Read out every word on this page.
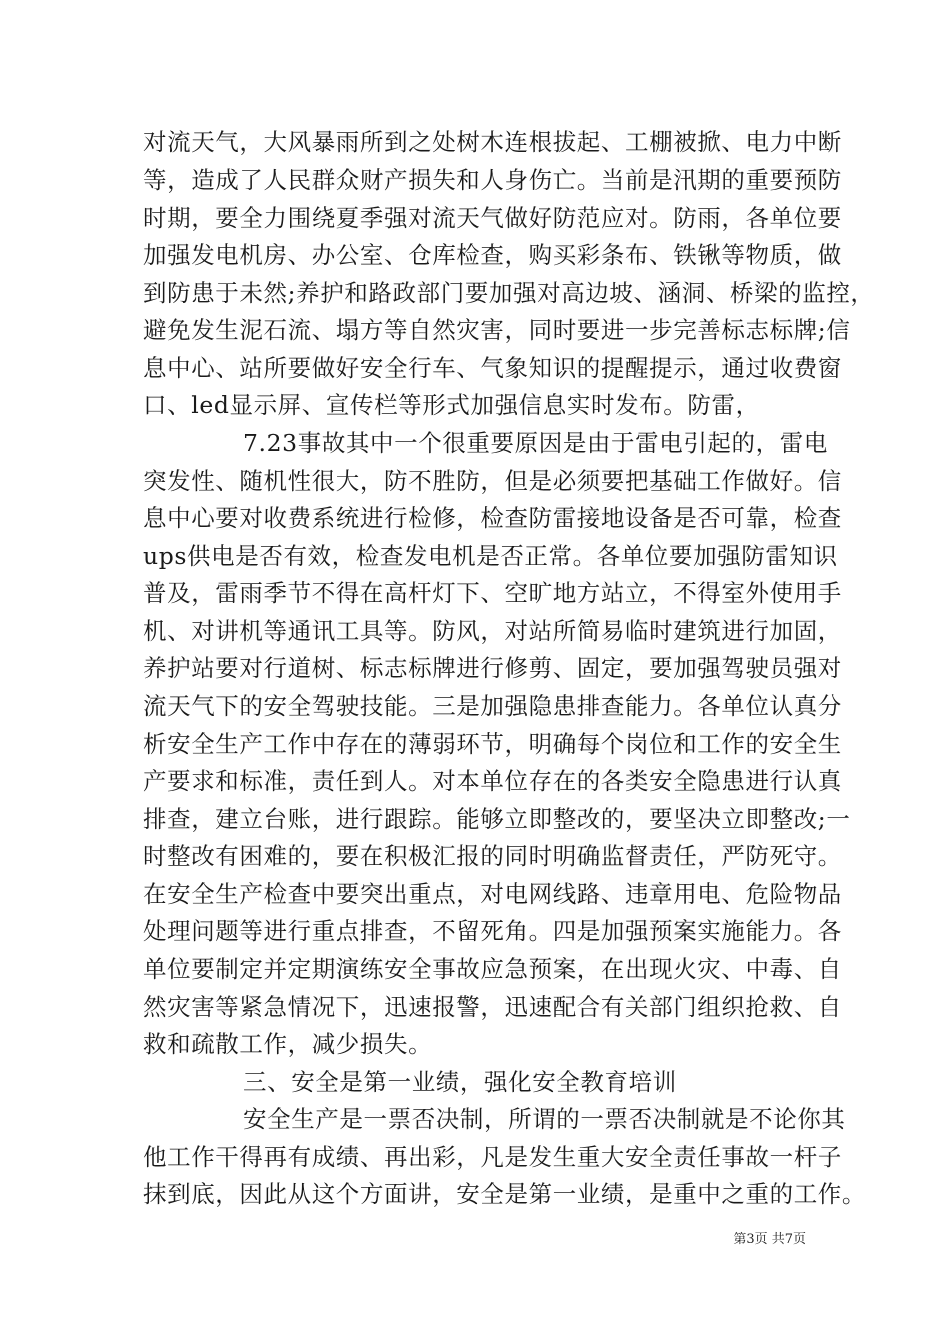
对流天气，大风暴雨所到之处树木连根拔起、工棚被掀、电力中断
等，造成了人民群众财产损失和人身伤亡。当前是汛期的重要预防
时期，要全力围绕夏季强对流天气做好防范应对。防雨，各单位要
加强发电机房、办公室、仓库检查，购买彩条布、铁锹等物质，做
到防患于未然;养护和路政部门要加强对高边坡、涵洞、桥梁的监控，
避免发生泥石流、塌方等自然灾害，同时要进一步完善标志标牌;信
息中心、站所要做好安全行车、气象知识的提醒提示，通过收费窗
口、led显示屏、宣传栏等形式加强信息实时发布。防雷，
7.23事故其中一个很重要原因是由于雷电引起的，雷电
突发性、随机性很大，防不胜防，但是必须要把基础工作做好。信
息中心要对收费系统进行检修，检查防雷接地设备是否可靠，检查
ups供电是否有效，检查发电机是否正常。各单位要加强防雷知识
普及，雷雨季节不得在高杆灯下、空旷地方站立，不得室外使用手
机、对讲机等通讯工具等。防风，对站所简易临时建筑进行加固，
养护站要对行道树、标志标牌进行修剪、固定，要加强驾驶员强对
流天气下的安全驾驶技能。三是加强隐患排查能力。各单位认真分
析安全生产工作中存在的薄弱环节，明确每个岗位和工作的安全生
产要求和标准，责任到人。对本单位存在的各类安全隐患进行认真
排查，建立台账，进行跟踪。能够立即整改的，要坚决立即整改;一
时整改有困难的，要在积极汇报的同时明确监督责任，严防死守。
在安全生产检查中要突出重点，对电网线路、违章用电、危险物品
处理问题等进行重点排查，不留死角。四是加强预案实施能力。各
单位要制定并定期演练安全事故应急预案，在出现火灾、中毒、自
然灾害等紧急情况下，迅速报警，迅速配合有关部门组织抢救、自
救和疏散工作，减少损失。
三、安全是第一业绩，强化安全教育培训
安全生产是一票否决制，所谓的一票否决制就是不论你其
他工作干得再有成绩、再出彩，凡是发生重大安全责任事故一杆子
抹到底，因此从这个方面讲，安全是第一业绩，是重中之重的工作。
第3页 共7页
